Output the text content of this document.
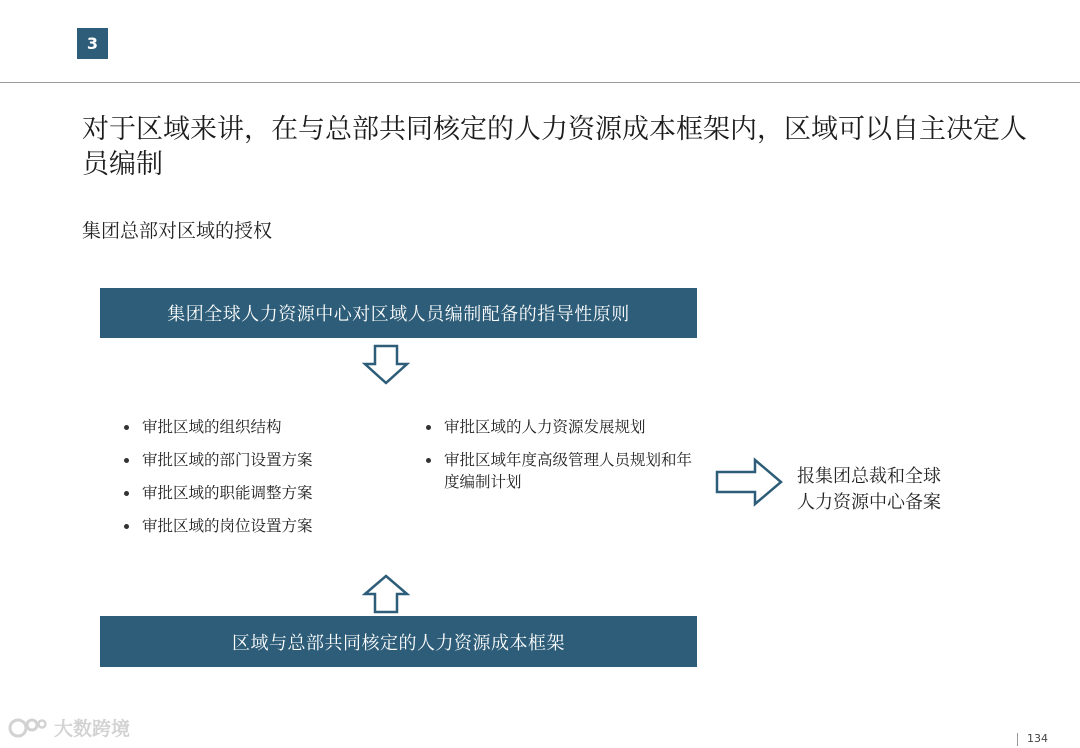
3
对于区域来讲，在与总部共同核定的人力资源成本框架内，区域可以自主决定人员编制
集团总部对区域的授权
集团全球人力资源中心对区域人员编制配备的指导性原则
审批区域的组织结构
审批区域的部门设置方案
审批区域的职能调整方案
审批区域的岗位设置方案
审批区域的人力资源发展规划
审批区域年度高级管理人员规划和年度编制计划	报集团总裁和全球人力资源中心备案
区域与总部共同核定的人力资源成本框架
大数跨境	134
